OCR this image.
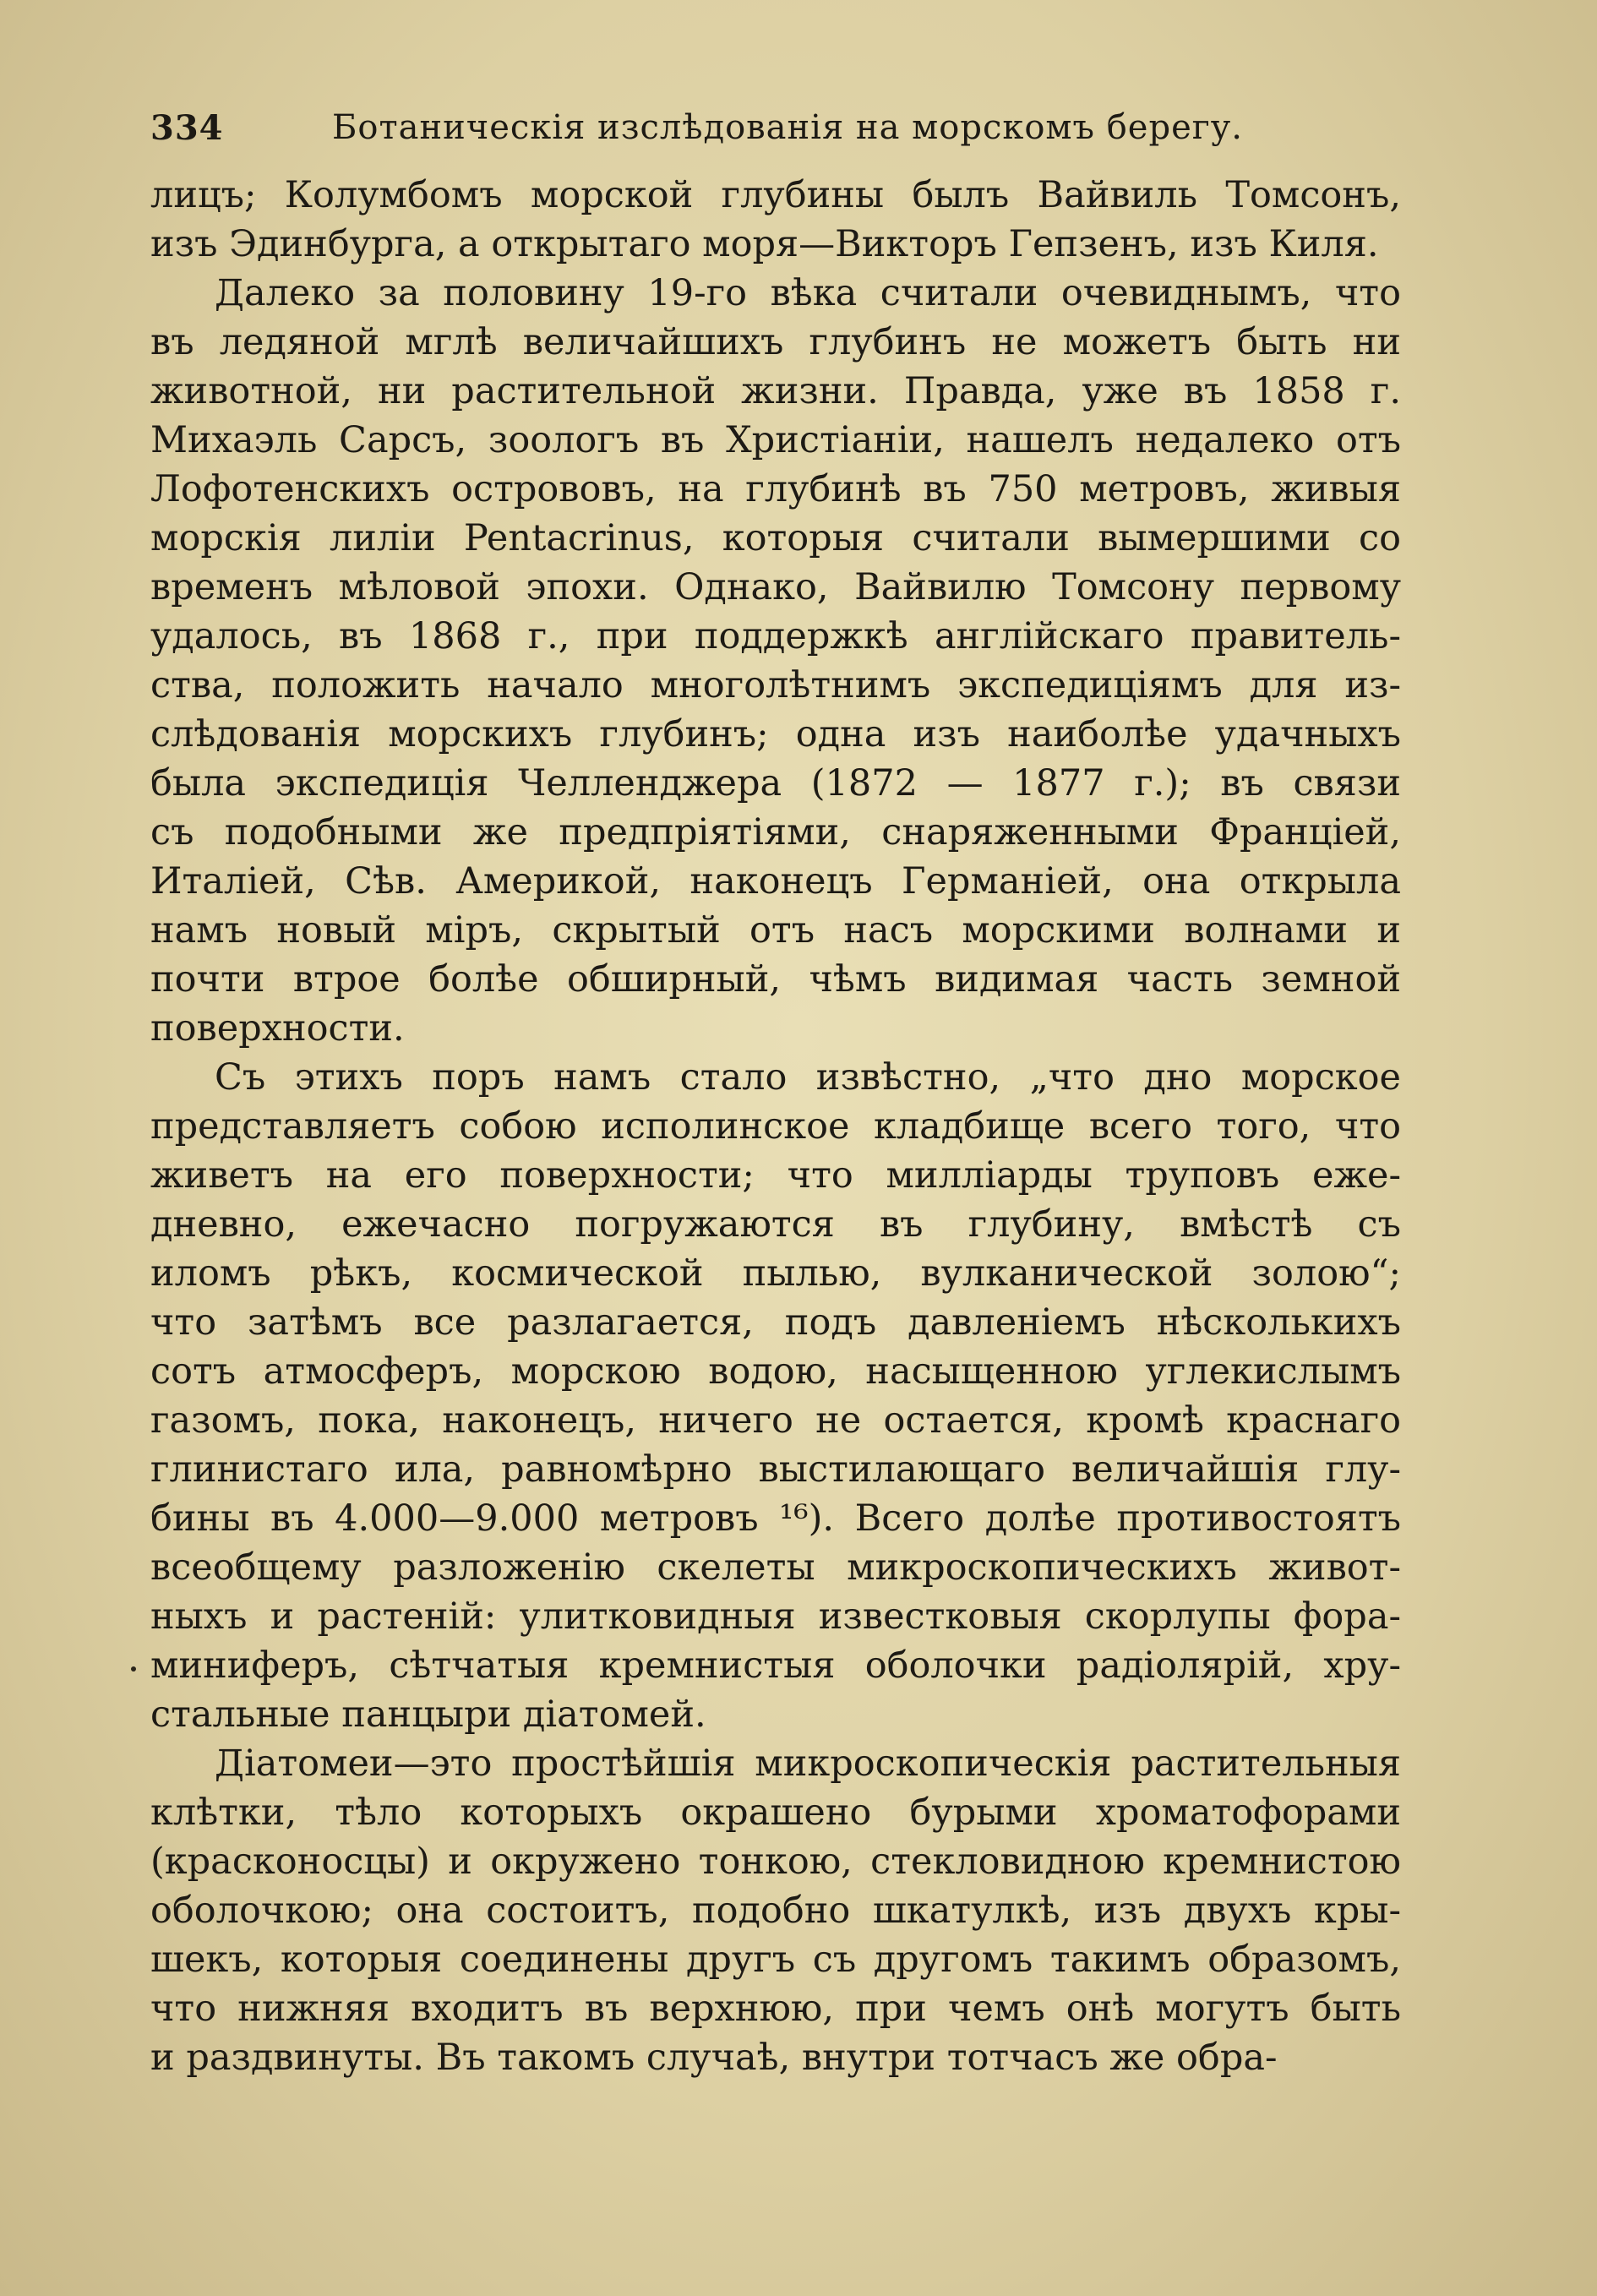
334	Ботаническія изслѣдованія на морскомъ берегу.
лицъ; Колумбомъ морской глубины былъ Вайвиль Томсонъ,
изъ Эдинбурга, а открытаго моря—Викторъ Гепзенъ, изъ Киля.
Далеко за половину 19-го вѣка считали очевиднымъ, что
въ ледяной мглѣ величайшихъ глубинъ не можетъ быть ни
животной, ни растительной жизни. Правда, уже въ 1858 г.
Михаэль Сарсъ, зоологъ въ Христіаніи, нашелъ недалеко отъ
Лофотенскихъ острововъ, на глубинѣ въ 750 метровъ, живыя
морскія лиліи Pentacrinus, которыя считали вымершими со
временъ мѣловой эпохи. Однако, Вайвилю Томсону первому
удалось, въ 1868 г., при поддержкѣ англійскаго правитель-
ства, положить начало многолѣтнимъ экспедиціямъ для из-
слѣдованія морскихъ глубинъ; одна изъ наиболѣе удачныхъ
была экспедиція Челленджера (1872 — 1877 г.); въ связи
съ подобными же предпріятіями, снаряженными Франціей,
Италіей, Сѣв. Америкой, наконецъ Германіей, она открыла
намъ новый міръ, скрытый отъ насъ морскими волнами и
почти втрое болѣе обширный, чѣмъ видимая часть земной
поверхности.
Съ этихъ поръ намъ стало извѣстно, „что дно морское
представляетъ собою исполинское кладбище всего того, что
живетъ на его поверхности; что милліарды труповъ еже-
дневно, ежечасно погружаются въ глубину, вмѣстѣ съ
иломъ рѣкъ, космической пылью, вулканической золою“;
что затѣмъ все разлагается, подъ давленіемъ нѣсколькихъ
сотъ атмосферъ, морскою водою, насыщенною углекислымъ
газомъ, пока, наконецъ, ничего не остается, кромѣ краснаго
глинистаго ила, равномѣрно выстилающаго величайшія глу-
бины въ 4.000—9.000 метровъ ¹⁶). Всего долѣе противостоятъ
всеобщему разложенію скелеты микроскопическихъ живот-
ныхъ и растеній: улитковидныя известковыя скорлупы фора-
миниферъ, сѣтчатыя кремнистыя оболочки радіолярій, хру-
стальные панцыри діатомей.
Діатомеи—это простѣйшія микроскопическія растительныя
клѣтки, тѣло которыхъ окрашено бурыми хроматофорами
(красконосцы) и окружено тонкою, стекловидною кремнистою
оболочкою; она состоитъ, подобно шкатулкѣ, изъ двухъ кры-
шекъ, которыя соединены другъ съ другомъ такимъ образомъ,
что нижняя входитъ въ верхнюю, при чемъ онѣ могутъ быть
и раздвинуты. Въ такомъ случаѣ, внутри тотчасъ же обра-
